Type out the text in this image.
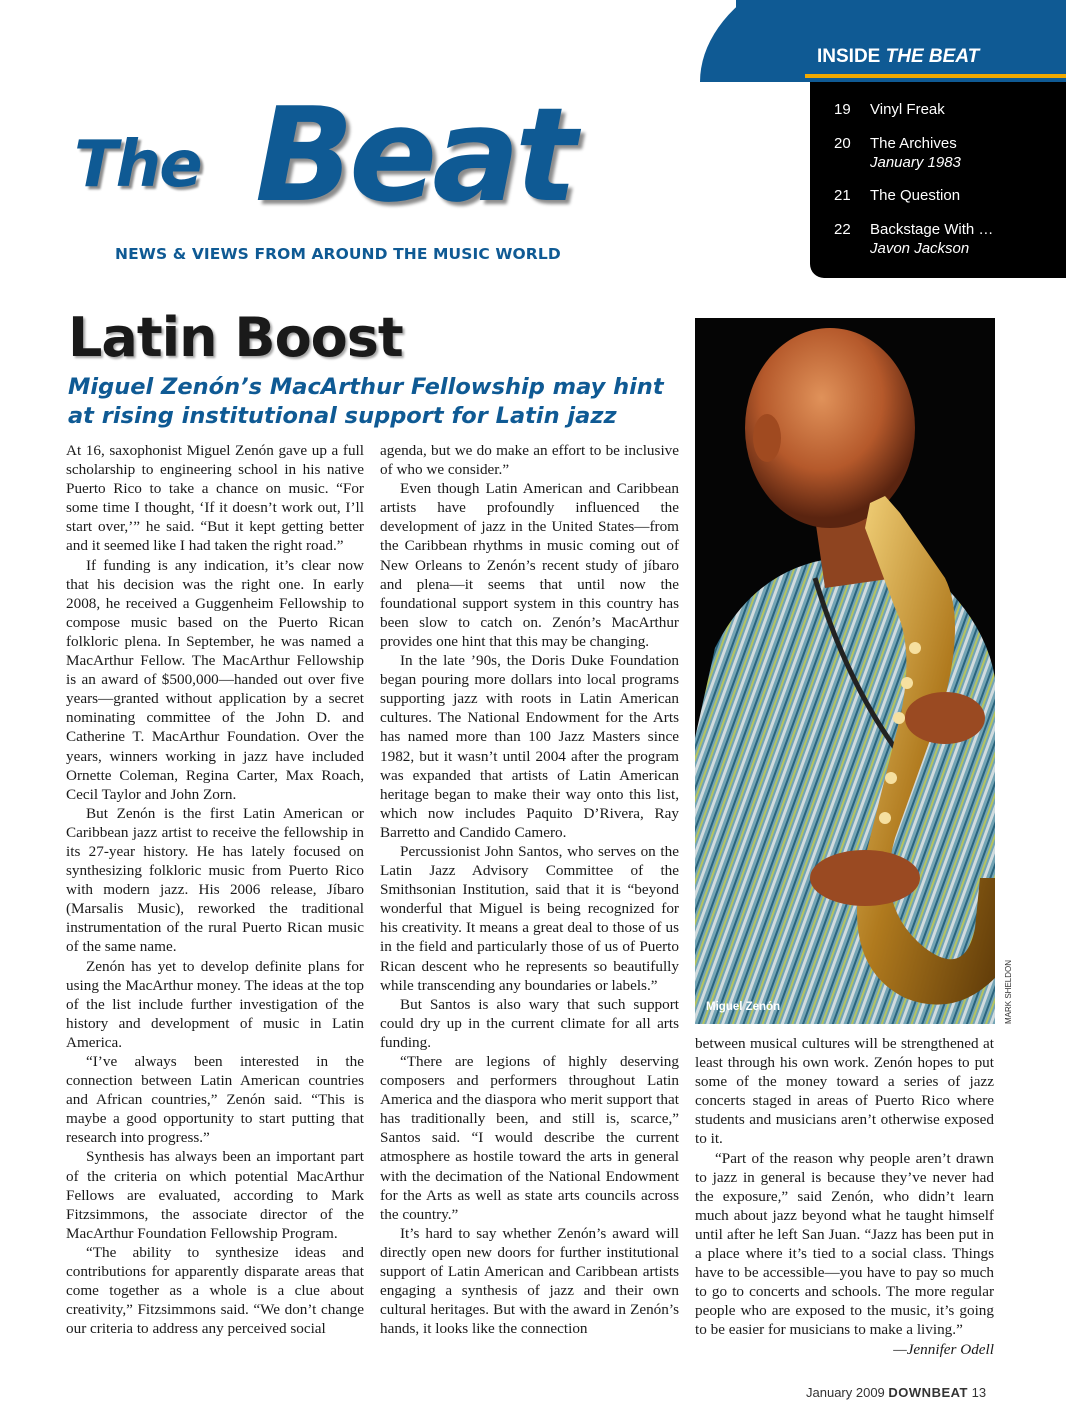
The Beat
NEWS & VIEWS FROM AROUND THE MUSIC WORLD
INSIDE THE BEAT
19	Vinyl Freak
20	The Archives
January 1983
21	The Question
22	Backstage With …
Javon Jackson
Latin Boost
Miguel Zenón’s MacArthur Fellowship may hint at rising institutional support for Latin jazz

At 16, saxophonist Miguel Zenón gave up a full scholarship to engineering school in his native Puerto Rico to take a chance on music. “For some time I thought, ‘If it doesn’t work out, I’ll start over,’” he said. “But it kept getting better and it seemed like I had taken the right road.”

If funding is any indication, it’s clear now that his decision was the right one. In early 2008, he received a Guggenheim Fellowship to compose music based on the Puerto Rican folkloric plena. In September, he was named a MacArthur Fellow. The MacArthur Fellowship is an award of $500,000—handed out over five years—granted without application by a secret nominating committee of the John D. and Catherine T. MacArthur Foundation. Over the years, winners working in jazz have included Ornette Coleman, Regina Carter, Max Roach, Cecil Taylor and John Zorn.

But Zenón is the first Latin American or Caribbean jazz artist to receive the fellowship in its 27-year history. He has lately focused on synthesizing folkloric music from Puerto Rico with modern jazz. His 2006 release, Jíbaro (Marsalis Music), reworked the traditional instrumentation of the rural Puerto Rican music of the same name.

Zenón has yet to develop definite plans for using the MacArthur money. The ideas at the top of the list include further investigation of the history and development of music in Latin America.

“I’ve always been interested in the connection between Latin American countries and African countries,” Zenón said. “This is maybe a good opportunity to start putting that research into progress.”

Synthesis has always been an important part of the criteria on which potential MacArthur Fellows are evaluated, according to Mark Fitzsimmons, the associate director of the MacArthur Foundation Fellowship Program.

“The ability to synthesize ideas and contributions for apparently disparate areas that come together as a whole is a clue about creativity,” Fitzsimmons said. “We don’t change our criteria to address any perceived social

agenda, but we do make an effort to be inclusive of who we consider.”

Even though Latin American and Caribbean artists have profoundly influenced the development of jazz in the United States—from the Caribbean rhythms in music coming out of New Orleans to Zenón’s recent study of jíbaro and plena—it seems that until now the foundational support system in this country has been slow to catch on. Zenón’s MacArthur provides one hint that this may be changing.

In the late ’90s, the Doris Duke Foundation began pouring more dollars into local programs supporting jazz with roots in Latin American cultures. The National Endowment for the Arts has named more than 100 Jazz Masters since 1982, but it wasn’t until 2004 after the program was expanded that artists of Latin American heritage began to make their way onto this list, which now includes Paquito D’Rivera, Ray Barretto and Candido Camero.

Percussionist John Santos, who serves on the Latin Jazz Advisory Committee of the Smithsonian Institution, said that it is “beyond wonderful that Miguel is being recognized for his creativity. It means a great deal to those of us in the field and particularly those of us of Puerto Rican descent who he represents so beautifully while transcending any boundaries or labels.”

But Santos is also wary that such support could dry up in the current climate for all arts funding.

“There are legions of highly deserving composers and performers throughout Latin America and the diaspora who merit support that has traditionally been, and still is, scarce,” Santos said. “I would describe the current atmosphere as hostile toward the arts in general with the decimation of the National Endowment for the Arts as well as state arts councils across the country.”

It’s hard to say whether Zenón’s award will directly open new doors for further institutional support of Latin American and Caribbean artists engaging a synthesis of jazz and their own cultural heritages. But with the award in Zenón’s hands, it looks like the connection

Miguel Zenón	MARK SHELDON

between musical cultures will be strengthened at least through his own work. Zenón hopes to put some of the money toward a series of jazz concerts staged in areas of Puerto Rico where students and musicians aren’t otherwise exposed to it.

“Part of the reason why people aren’t drawn to jazz in general is because they’ve never had the exposure,” said Zenón, who didn’t learn much about jazz beyond what he taught himself until after he left San Juan. “Jazz has been put in a place where it’s tied to a social class. Things have to be accessible—you have to pay so much to go to concerts and schools. The more regular people who are exposed to the music, it’s going to be easier for musicians to make a living.”
—Jennifer Odell

January 2009 DOWNBEAT 13
